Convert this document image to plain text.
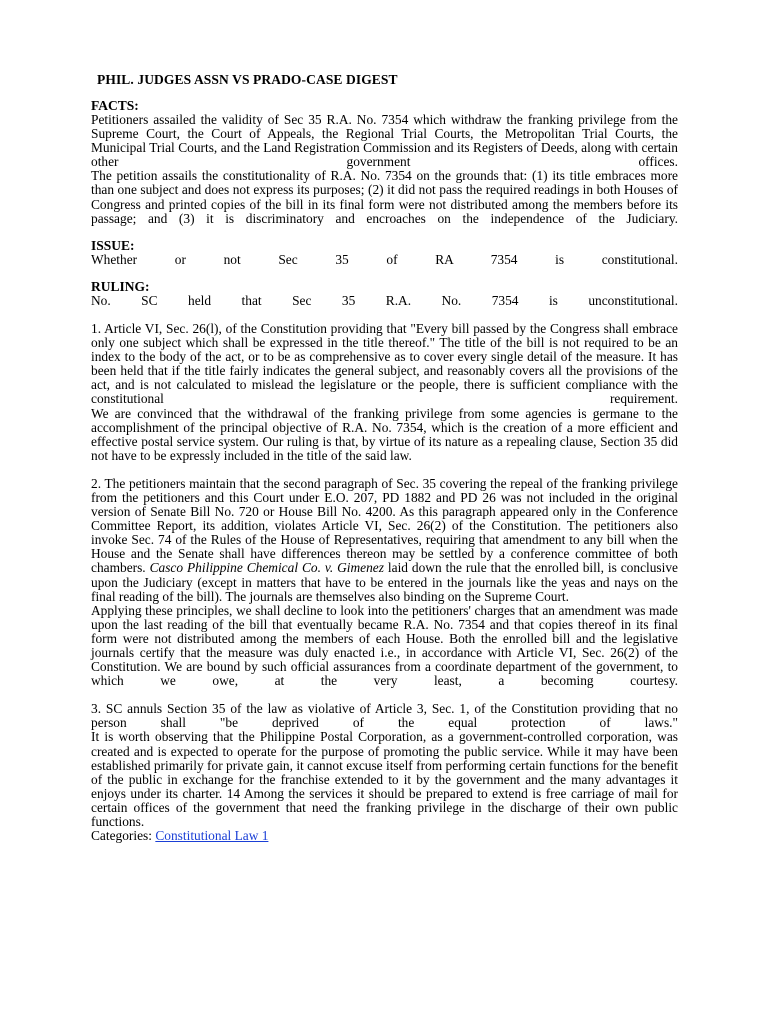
PHIL. JUDGES ASSN VS PRADO-CASE DIGEST
FACTS:

Petitioners assailed the validity of Sec 35 R.A. No. 7354 which withdraw the franking privilege from the Supreme Court, the Court of Appeals, the Regional Trial Courts, the Metropolitan Trial Courts, the Municipal Trial Courts, and the Land Registration Commission and its Registers of Deeds, along with certain other government offices.

The petition assails the constitutionality of R.A. No. 7354 on the grounds that: (1) its title embraces more than one subject and does not express its purposes; (2) it did not pass the required readings in both Houses of Congress and printed copies of the bill in its final form were not distributed among the members before its passage; and (3) it is discriminatory and encroaches on the independence of the Judiciary.

ISSUE:

Whether or not Sec 35 of RA 7354 is constitutional.

RULING:

No. SC held that Sec 35 R.A. No. 7354 is unconstitutional.

1. Article VI, Sec. 26(l), of the Constitution providing that "Every bill passed by the Congress shall embrace only one subject which shall be expressed in the title thereof." The title of the bill is not required to be an index to the body of the act, or to be as comprehensive as to cover every single detail of the measure. It has been held that if the title fairly indicates the general subject, and reasonably covers all the provisions of the act, and is not calculated to mislead the legislature or the people, there is sufficient compliance with the constitutional requirement.

We are convinced that the withdrawal of the franking privilege from some agencies is germane to the accomplishment of the principal objective of R.A. No. 7354, which is the creation of a more efficient and effective postal service system. Our ruling is that, by virtue of its nature as a repealing clause, Section 35 did not have to be expressly included in the title of the said law.

2. The petitioners maintain that the second paragraph of Sec. 35 covering the repeal of the franking privilege from the petitioners and this Court under E.O. 207, PD 1882 and PD 26 was not included in the original version of Senate Bill No. 720 or House Bill No. 4200. As this paragraph appeared only in the Conference Committee Report, its addition, violates Article VI, Sec. 26(2) of the Constitution. The petitioners also invoke Sec. 74 of the Rules of the House of Representatives, requiring that amendment to any bill when the House and the Senate shall have differences thereon may be settled by a conference committee of both chambers. Casco Philippine Chemical Co. v. Gimenez laid down the rule that the enrolled bill, is conclusive upon the Judiciary (except in matters that have to be entered in the journals like the yeas and nays on the final reading of the bill). The journals are themselves also binding on the Supreme Court.

Applying these principles, we shall decline to look into the petitioners' charges that an amendment was made upon the last reading of the bill that eventually became R.A. No. 7354 and that copies thereof in its final form were not distributed among the members of each House. Both the enrolled bill and the legislative journals certify that the measure was duly enacted i.e., in accordance with Article VI, Sec. 26(2) of the Constitution. We are bound by such official assurances from a coordinate department of the government, to which we owe, at the very least, a becoming courtesy.

3. SC annuls Section 35 of the law as violative of Article 3, Sec. 1, of the Constitution providing that no person shall "be deprived of the equal protection of laws."

It is worth observing that the Philippine Postal Corporation, as a government-controlled corporation, was created and is expected to operate for the purpose of promoting the public service. While it may have been established primarily for private gain, it cannot excuse itself from performing certain functions for the benefit of the public in exchange for the franchise extended to it by the government and the many advantages it enjoys under its charter. 14 Among the services it should be prepared to extend is free carriage of mail for certain offices of the government that need the franking privilege in the discharge of their own public functions.

Categories: Constitutional Law 1
